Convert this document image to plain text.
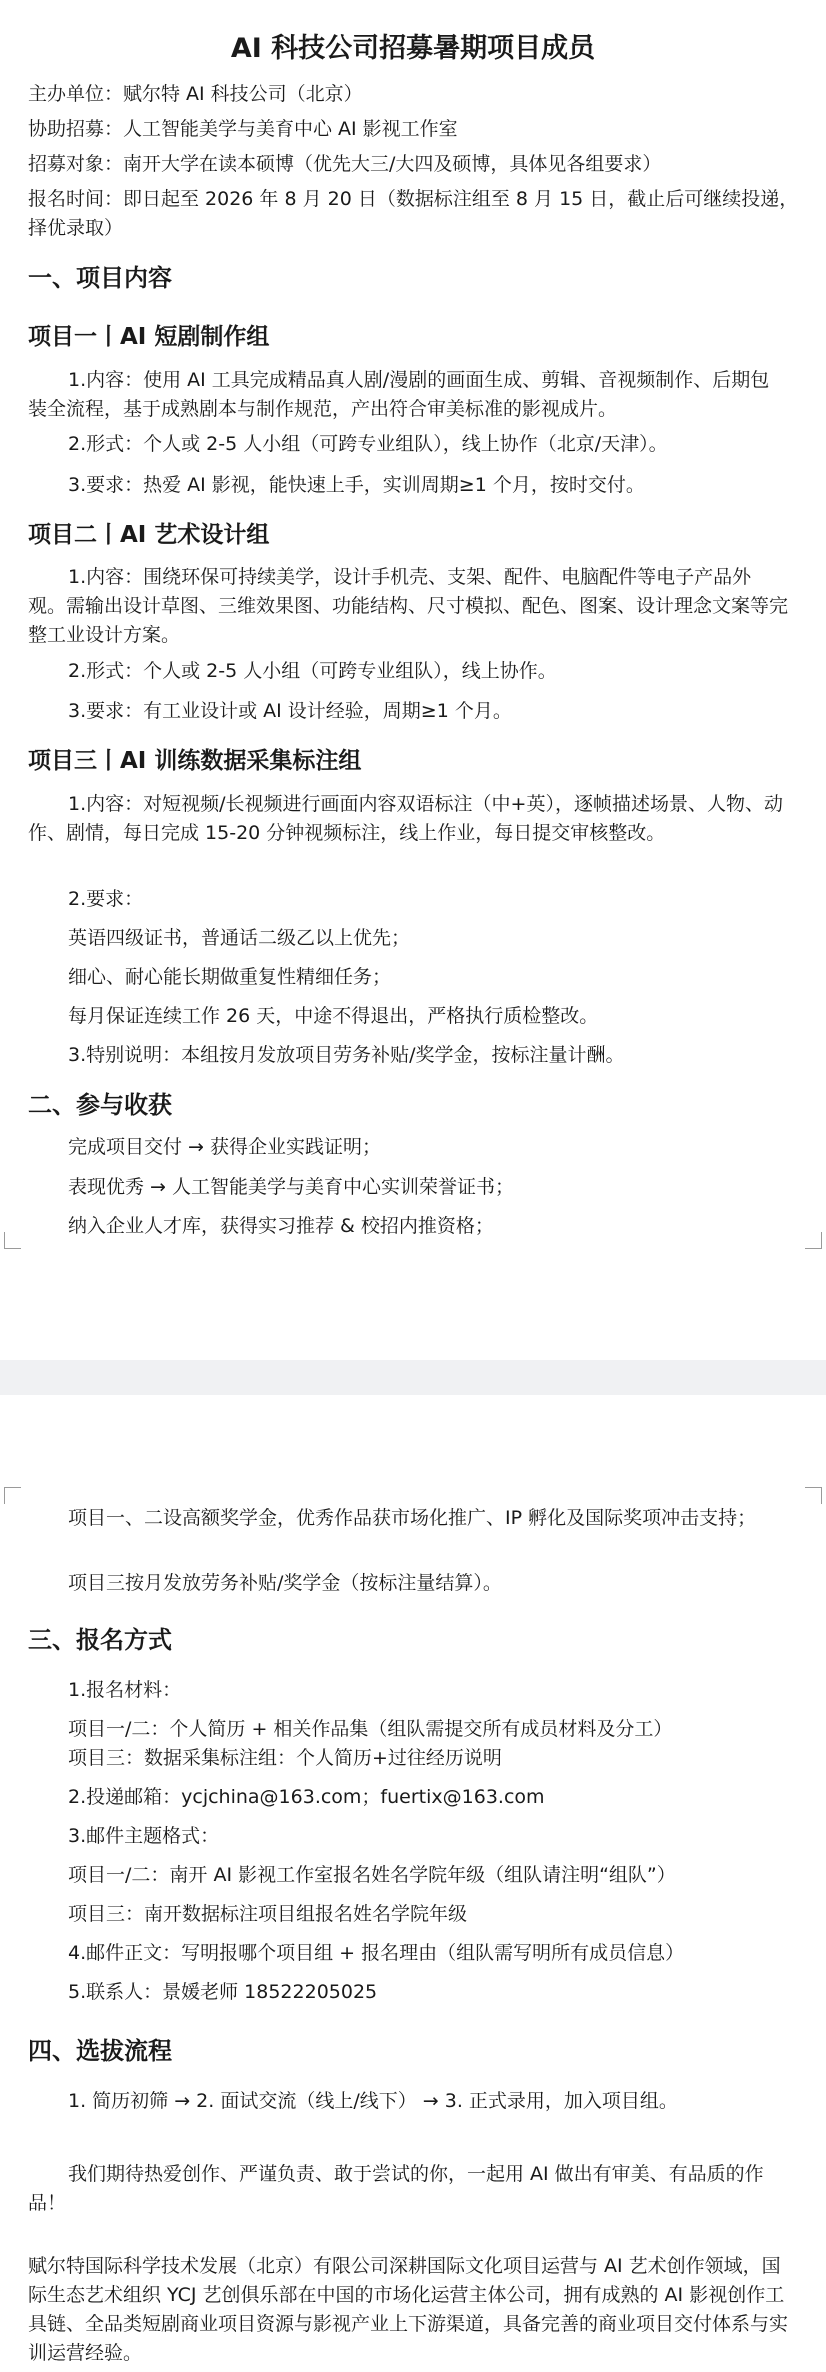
AI 科技公司招募暑期项目成员

主办单位：赋尔特 AI 科技公司（北京）

协助招募：人工智能美学与美育中心 AI 影视工作室

招募对象：南开大学在读本硕博（优先大三/大四及硕博，具体见各组要求）

报名时间：即日起至 2026 年 8 月 20 日（数据标注组至 8 月 15 日，截止后可继续投递，择优录取）

一、项目内容
项目一丨AI 短剧制作组

1.内容：使用 AI 工具完成精品真人剧/漫剧的画面生成、剪辑、音视频制作、后期包装全流程，基于成熟剧本与制作规范，产出符合审美标准的影视成片。

2.形式：个人或 2-5 人小组（可跨专业组队），线上协作（北京/天津）。

3.要求：热爱 AI 影视，能快速上手，实训周期≥1 个月，按时交付。

项目二丨AI 艺术设计组

1.内容：围绕环保可持续美学，设计手机壳、支架、配件、电脑配件等电子产品外观。需输出设计草图、三维效果图、功能结构、尺寸模拟、配色、图案、设计理念文案等完整工业设计方案。

2.形式：个人或 2-5 人小组（可跨专业组队），线上协作。

3.要求：有工业设计或 AI 设计经验，周期≥1 个月。

项目三丨AI 训练数据采集标注组

1.内容：对短视频/长视频进行画面内容双语标注（中+英），逐帧描述场景、人物、动作、剧情，每日完成 15-20 分钟视频标注，线上作业，每日提交审核整改。

2.要求：

英语四级证书，普通话二级乙以上优先；

细心、耐心能长期做重复性精细任务；

每月保证连续工作 26 天，中途不得退出，严格执行质检整改。

3.特别说明：本组按月发放项目劳务补贴/奖学金，按标注量计酬。

二、参与收获

完成项目交付 → 获得企业实践证明；

表现优秀 → 人工智能美学与美育中心实训荣誉证书；

纳入企业人才库，获得实习推荐 & 校招内推资格；

项目一、二设高额奖学金，优秀作品获市场化推广、IP 孵化及国际奖项冲击支持；

项目三按月发放劳务补贴/奖学金（按标注量结算）。

三、报名方式

1.报名材料：

项目一/二：个人简历 + 相关作品集（组队需提交所有成员材料及分工）

项目三：数据采集标注组：个人简历+过往经历说明

2.投递邮箱：ycjchina@163.com；fuertix@163.com

3.邮件主题格式：

项目一/二：南开 AI 影视工作室报名姓名学院年级（组队请注明“组队”）

项目三：南开数据标注项目组报名姓名学院年级

4.邮件正文：写明报哪个项目组 + 报名理由（组队需写明所有成员信息）

5.联系人：景媛老师 18522205025

四、选拔流程

1. 简历初筛 → 2. 面试交流（线上/线下） → 3. 正式录用，加入项目组。

我们期待热爱创作、严谨负责、敢于尝试的你，一起用 AI 做出有审美、有品质的作品！

赋尔特国际科学技术发展（北京）有限公司深耕国际文化项目运营与 AI 艺术创作领域，国际生态艺术组织 YCJ 艺创俱乐部在中国的市场化运营主体公司，拥有成熟的 AI 影视创作工具链、全品类短剧商业项目资源与影视产业上下游渠道，具备完善的商业项目交付体系与实训运营经验。
